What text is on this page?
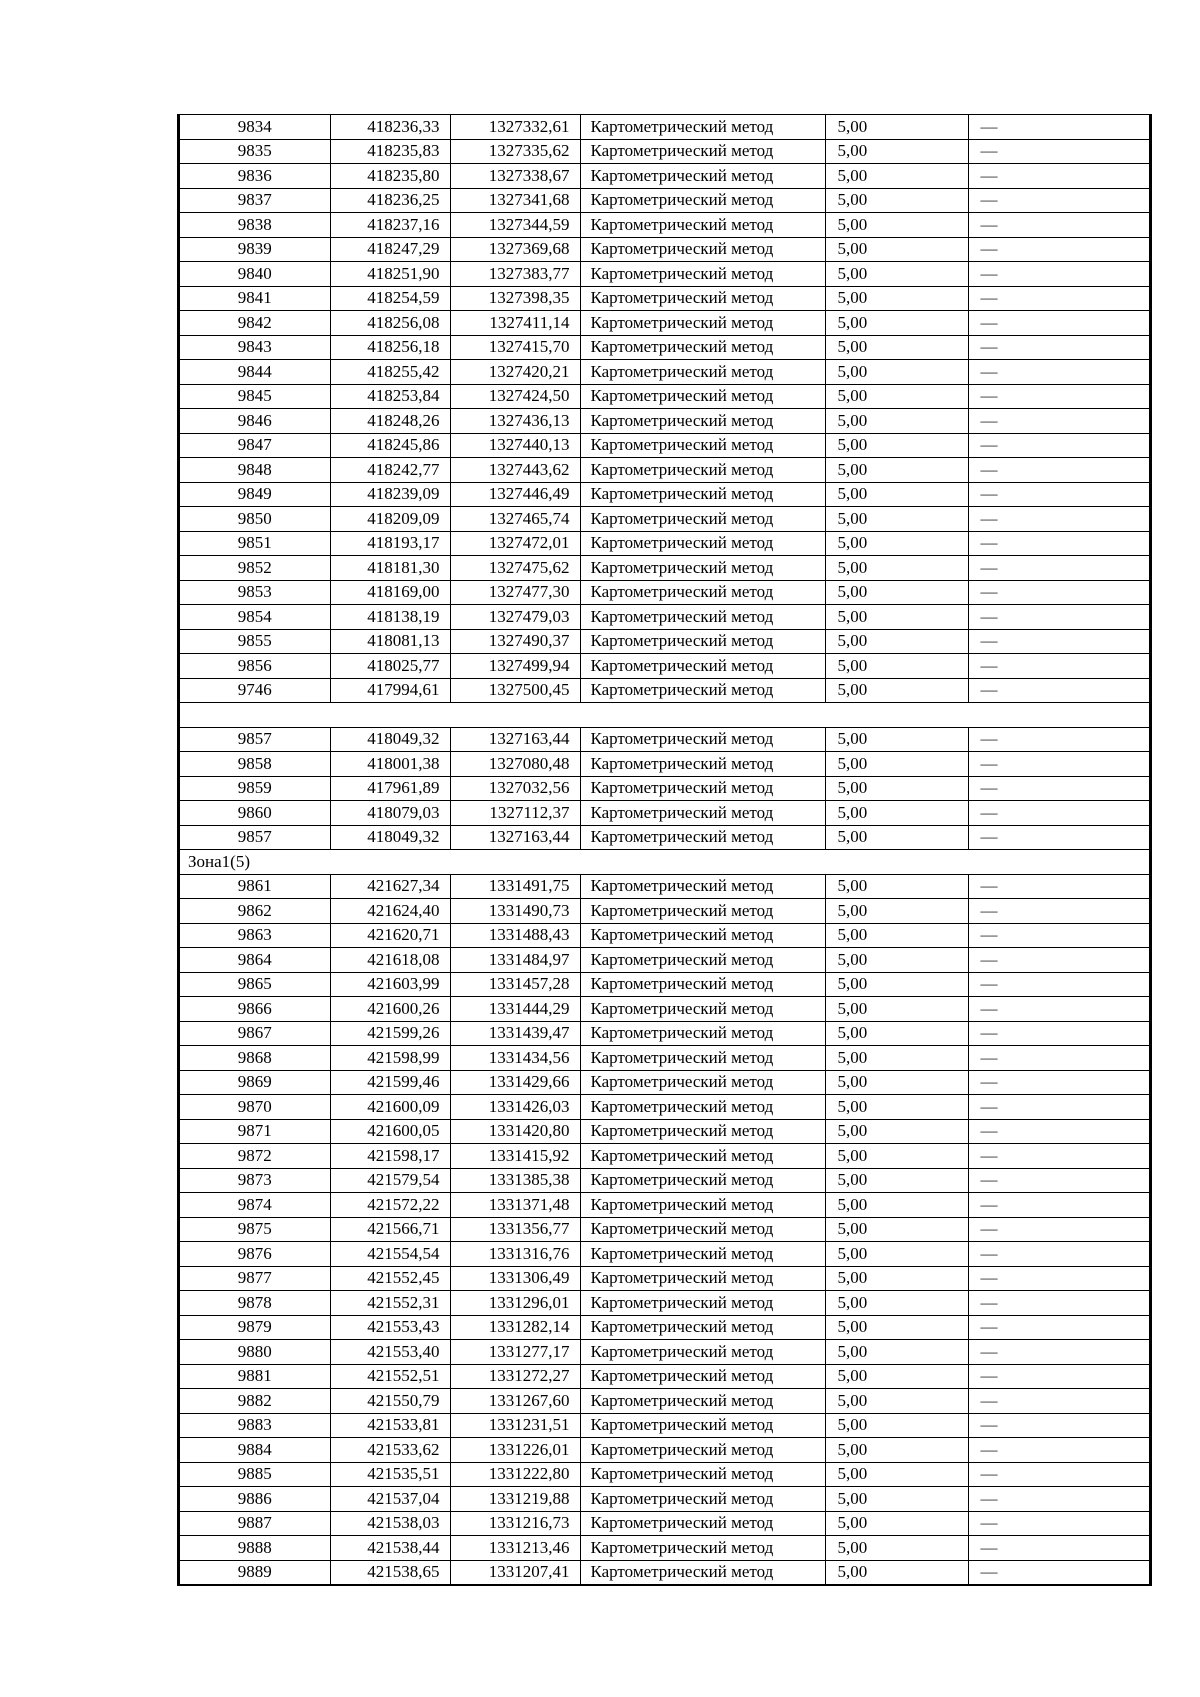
9834	418236,33	1327332,61	Картометрический метод	5,00	—
9835	418235,83	1327335,62	Картометрический метод	5,00	—
9836	418235,80	1327338,67	Картометрический метод	5,00	—
9837	418236,25	1327341,68	Картометрический метод	5,00	—
9838	418237,16	1327344,59	Картометрический метод	5,00	—
9839	418247,29	1327369,68	Картометрический метод	5,00	—
9840	418251,90	1327383,77	Картометрический метод	5,00	—
9841	418254,59	1327398,35	Картометрический метод	5,00	—
9842	418256,08	1327411,14	Картометрический метод	5,00	—
9843	418256,18	1327415,70	Картометрический метод	5,00	—
9844	418255,42	1327420,21	Картометрический метод	5,00	—
9845	418253,84	1327424,50	Картометрический метод	5,00	—
9846	418248,26	1327436,13	Картометрический метод	5,00	—
9847	418245,86	1327440,13	Картометрический метод	5,00	—
9848	418242,77	1327443,62	Картометрический метод	5,00	—
9849	418239,09	1327446,49	Картометрический метод	5,00	—
9850	418209,09	1327465,74	Картометрический метод	5,00	—
9851	418193,17	1327472,01	Картометрический метод	5,00	—
9852	418181,30	1327475,62	Картометрический метод	5,00	—
9853	418169,00	1327477,30	Картометрический метод	5,00	—
9854	418138,19	1327479,03	Картометрический метод	5,00	—
9855	418081,13	1327490,37	Картометрический метод	5,00	—
9856	418025,77	1327499,94	Картометрический метод	5,00	—
9746	417994,61	1327500,45	Картометрический метод	5,00	—

9857	418049,32	1327163,44	Картометрический метод	5,00	—
9858	418001,38	1327080,48	Картометрический метод	5,00	—
9859	417961,89	1327032,56	Картометрический метод	5,00	—
9860	418079,03	1327112,37	Картометрический метод	5,00	—
9857	418049,32	1327163,44	Картометрический метод	5,00	—
Зона1(5)					
9861	421627,34	1331491,75	Картометрический метод	5,00	—
9862	421624,40	1331490,73	Картометрический метод	5,00	—
9863	421620,71	1331488,43	Картометрический метод	5,00	—
9864	421618,08	1331484,97	Картометрический метод	5,00	—
9865	421603,99	1331457,28	Картометрический метод	5,00	—
9866	421600,26	1331444,29	Картометрический метод	5,00	—
9867	421599,26	1331439,47	Картометрический метод	5,00	—
9868	421598,99	1331434,56	Картометрический метод	5,00	—
9869	421599,46	1331429,66	Картометрический метод	5,00	—
9870	421600,09	1331426,03	Картометрический метод	5,00	—
9871	421600,05	1331420,80	Картометрический метод	5,00	—
9872	421598,17	1331415,92	Картометрический метод	5,00	—
9873	421579,54	1331385,38	Картометрический метод	5,00	—
9874	421572,22	1331371,48	Картометрический метод	5,00	—
9875	421566,71	1331356,77	Картометрический метод	5,00	—
9876	421554,54	1331316,76	Картометрический метод	5,00	—
9877	421552,45	1331306,49	Картометрический метод	5,00	—
9878	421552,31	1331296,01	Картометрический метод	5,00	—
9879	421553,43	1331282,14	Картометрический метод	5,00	—
9880	421553,40	1331277,17	Картометрический метод	5,00	—
9881	421552,51	1331272,27	Картометрический метод	5,00	—
9882	421550,79	1331267,60	Картометрический метод	5,00	—
9883	421533,81	1331231,51	Картометрический метод	5,00	—
9884	421533,62	1331226,01	Картометрический метод	5,00	—
9885	421535,51	1331222,80	Картометрический метод	5,00	—
9886	421537,04	1331219,88	Картометрический метод	5,00	—
9887	421538,03	1331216,73	Картометрический метод	5,00	—
9888	421538,44	1331213,46	Картометрический метод	5,00	—
9889	421538,65	1331207,41	Картометрический метод	5,00	—
